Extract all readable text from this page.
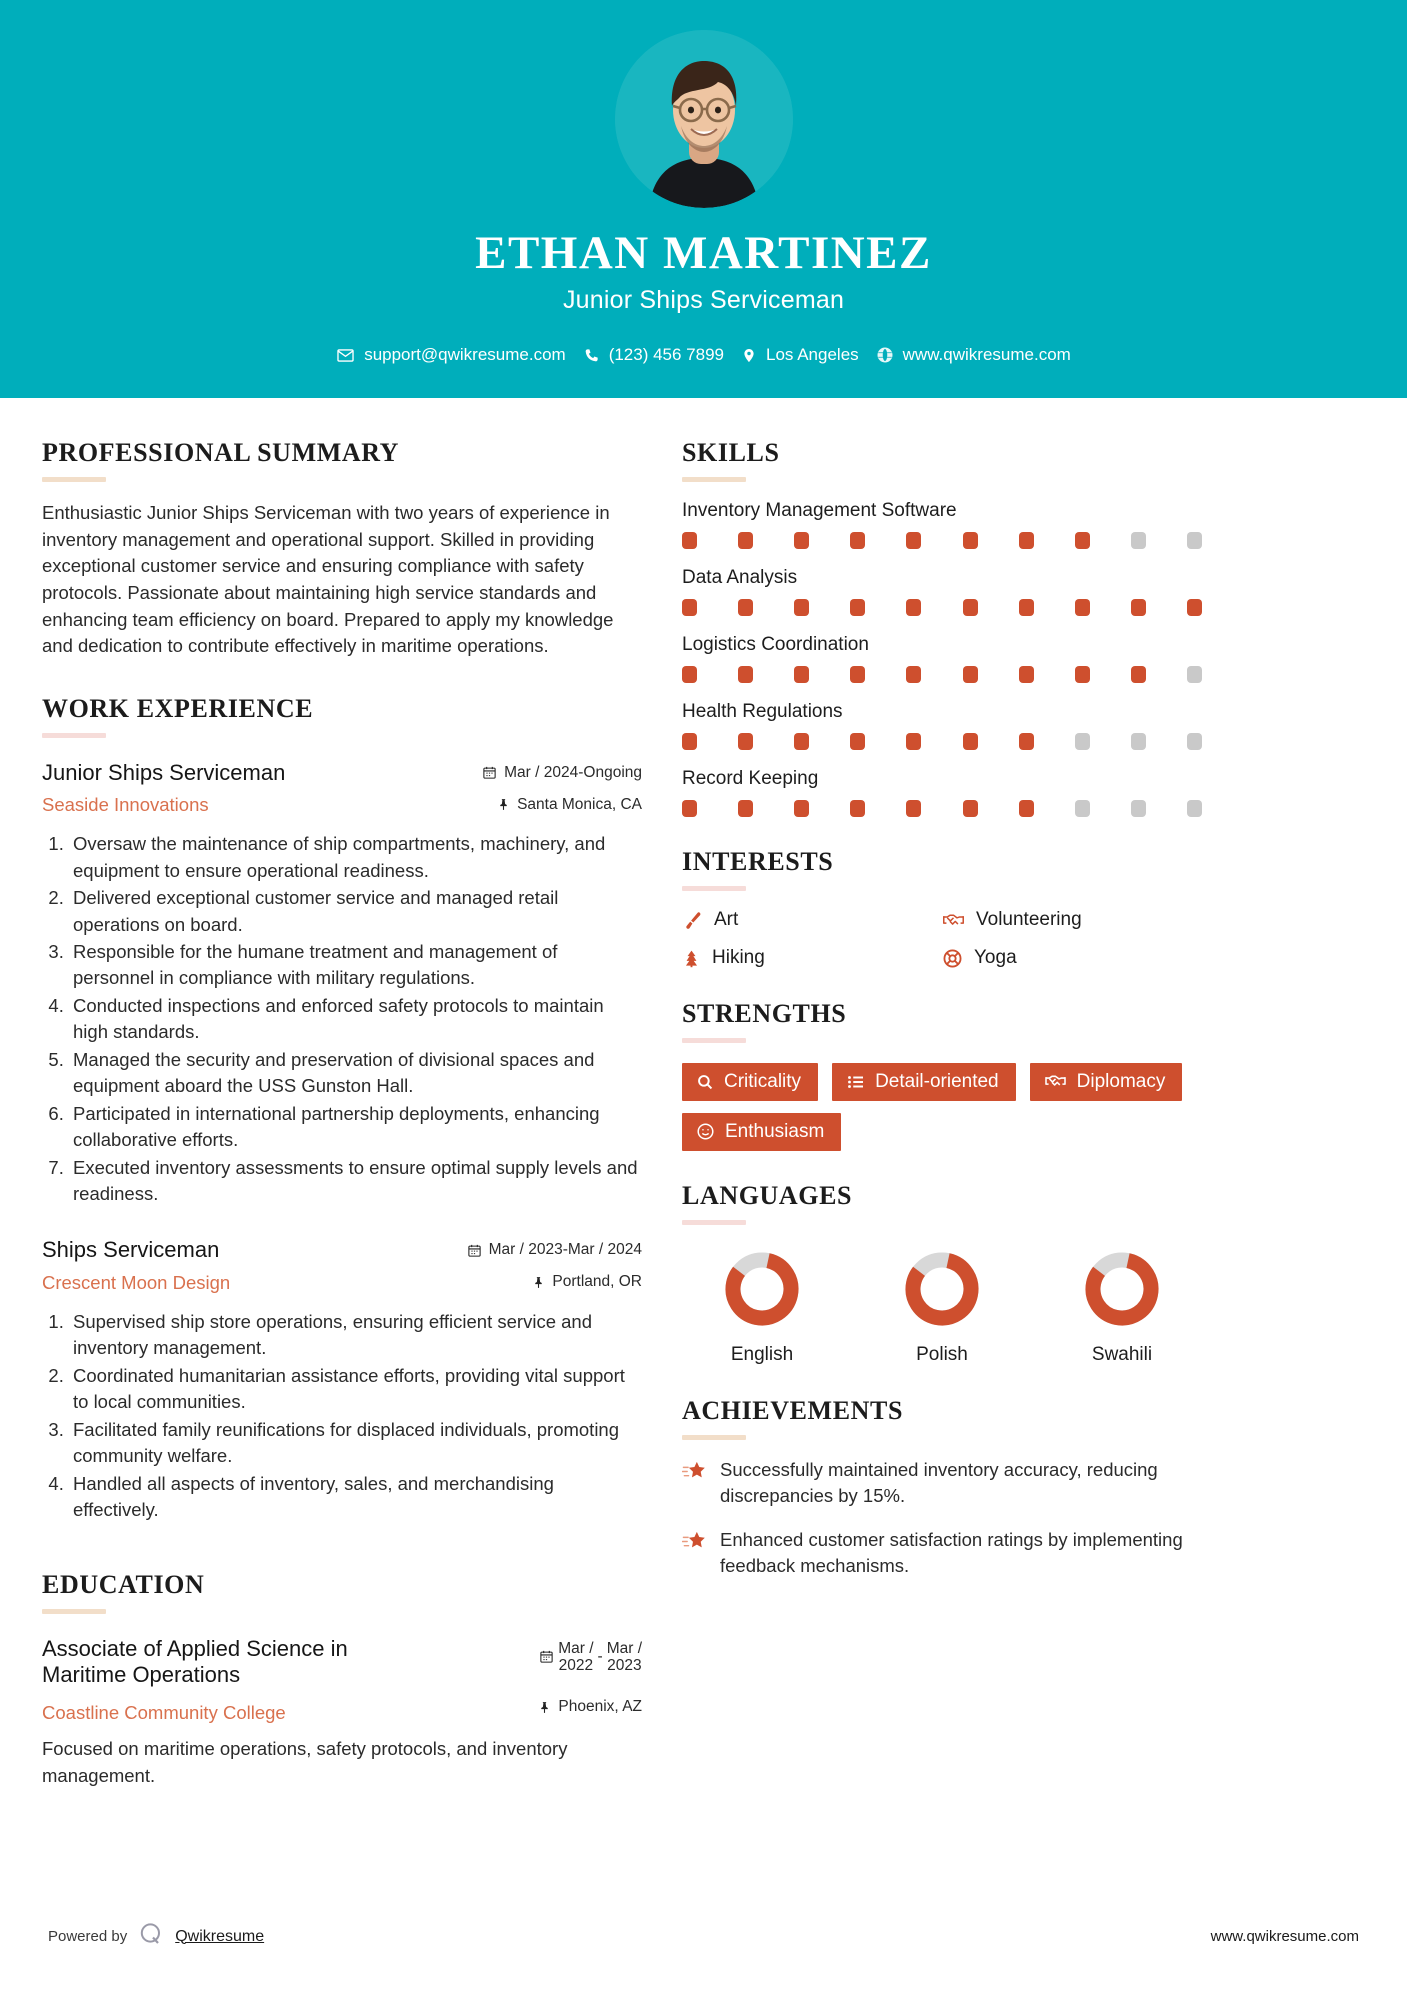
ETHAN MARTINEZ
Junior Ships Serviceman
support@qwikresume.com	(123) 456 7899 Los Angeles	www.qwikresume.com
PROFESSIONAL SUMMARY
Enthusiastic Junior Ships Serviceman with two years of experience in inventory management and operational support. Skilled in providing exceptional customer service and ensuring compliance with safety protocols. Passionate about maintaining high service standards and enhancing team efficiency on board. Prepared to apply my knowledge and dedication to contribute effectively in maritime operations.
WORK EXPERIENCE
Junior Ships Serviceman
Seaside Innovations
Mar / 2024-Ongoing
Santa Monica, CA
1. Oversaw the maintenance of ship compartments, machinery, and equipment to ensure operational readiness.
2. Delivered exceptional customer service and managed retail operations on board.
3. Responsible for the humane treatment and management of personnel in compliance with military regulations.
4. Conducted inspections and enforced safety protocols to maintain high standards.
5. Managed the security and preservation of divisional spaces and equipment aboard the USS Gunston Hall.
6. Participated in international partnership deployments, enhancing collaborative efforts.
7. Executed inventory assessments to ensure optimal supply levels and readiness.
Ships Serviceman
Crescent Moon Design
Mar / 2023-Mar / 2024
Portland, OR
1. Supervised ship store operations, ensuring efficient service and inventory management.
2. Coordinated humanitarian assistance efforts, providing vital support to local communities.
3. Facilitated family reunifications for displaced individuals, promoting community welfare.
4. Handled all aspects of inventory, sales, and merchandising effectively.
EDUCATION
Associate of Applied Science in Maritime Operations
Coastline Community College
Mar /
2022
- Mar /
2023
Phoenix, AZ
Focused on maritime operations, safety protocols, and inventory management.
SKILLS
Inventory Management Software
Data Analysis
Logistics Coordination
Health Regulations
Record Keeping
INTERESTS
Art	Volunteering
Hiking	Yoga
STRENGTHS
Criticality	Detail-oriented	Diplomacy
Enthusiasm
LANGUAGES
English	Polish	Swahili
ACHIEVEMENTS
Successfully maintained inventory accuracy, reducing discrepancies by 15%.
Enhanced customer satisfaction ratings by implementing feedback mechanisms.
Powered by	Qwikresume	www.qwikresume.com
